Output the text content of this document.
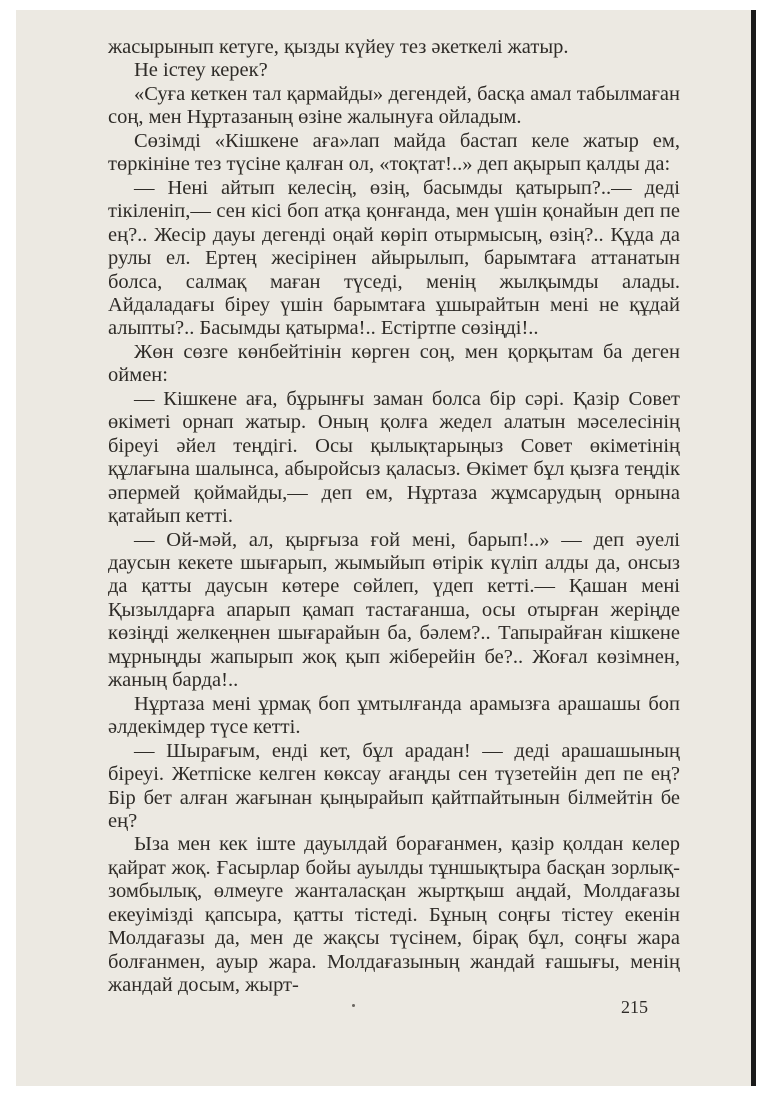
жасырынып кетуге, қызды күйеу тез әкеткелі жатыр.

Не істеу керек?

«Суға кеткен тал қармайды» дегендей, басқа амал табылмаған соң, мен Нұртазаның өзіне жалынуға ойладым.

Сөзімді «Кішкене аға»лап майда бастап келе жатыр ем, төркініне тез түсіне қалған ол, «тоқтат!..» деп ақырып қалды да:

— Нені айтып келесің, өзің, басымды қатырып?..— деді тікіленіп,— сен кісі боп атқа қонғанда, мен үшін қонайын деп пе ең?.. Жесір дауы дегенді оңай көріп отырмысың, өзің?.. Құда да рулы ел. Ертең жесірінен айырылып, барымтаға аттанатын болса, салмақ маған түседі, менің жылқымды алады. Айдаладағы біреу үшін барымтаға ұшырайтын мені не құдай алыпты?.. Басымды қатырма!.. Естіртпе сөзіңді!..

Жөн сөзге көнбейтінін көрген соң, мен қорқытам ба деген оймен:

— Кішкене аға, бұрынғы заман болса бір сәрі. Қазір Совет өкіметі орнап жатыр. Оның қолға жедел алатын мәселесінің біреуі әйел теңдігі. Осы қылықтарыңыз Совет өкіметінің құлағына шалынса, абыройсыз қаласыз. Өкімет бұл қызға теңдік әпермей қоймайды,— деп ем, Нұртаза жұмсарудың орнына қатайып кетті.

— Ой-мәй, ал, қырғыза ғой мені, барып!..» — деп әуелі даусын кекете шығарып, жымыйып өтірік күліп алды да, онсыз да қатты даусын көтере сөйлеп, үдеп кетті.— Қашан мені Қызылдарға апарып қамап тастағанша, осы отырған жеріңде көзіңді желкеңнен шығарайын ба, бәлем?.. Тапырайған кішкене мұрныңды жапырып жоқ қып жіберейін бе?.. Жоғал көзімнен, жаның барда!..

Нұртаза мені ұрмақ боп ұмтылғанда арамызға арашашы боп әлдекімдер түсе кетті.

— Шырағым, енді кет, бұл арадан! — деді арашашының біреуі. Жетпіске келген көксау ағаңды сен түзетейін деп пе ең? Бір бет алған жағынан қыңырайып қайтпайтынын білмейтін бе ең?

Ыза мен кек іште дауылдай борағанмен, қазір қолдан келер қайрат жоқ. Ғасырлар бойы ауылды тұншықтыра басқан зорлық-зомбылық, өлмеуге жанталасқан жыртқыш аңдай, Молдағазы екеуімізді қапсыра, қатты тістеді. Бұның соңғы тістеу екенін Молдағазы да, мен де жақсы түсінем, бірақ бұл, соңғы жара болғанмен, ауыр жара. Молдағазының жандай ғашығы, менің жандай досым, жырт-

215
